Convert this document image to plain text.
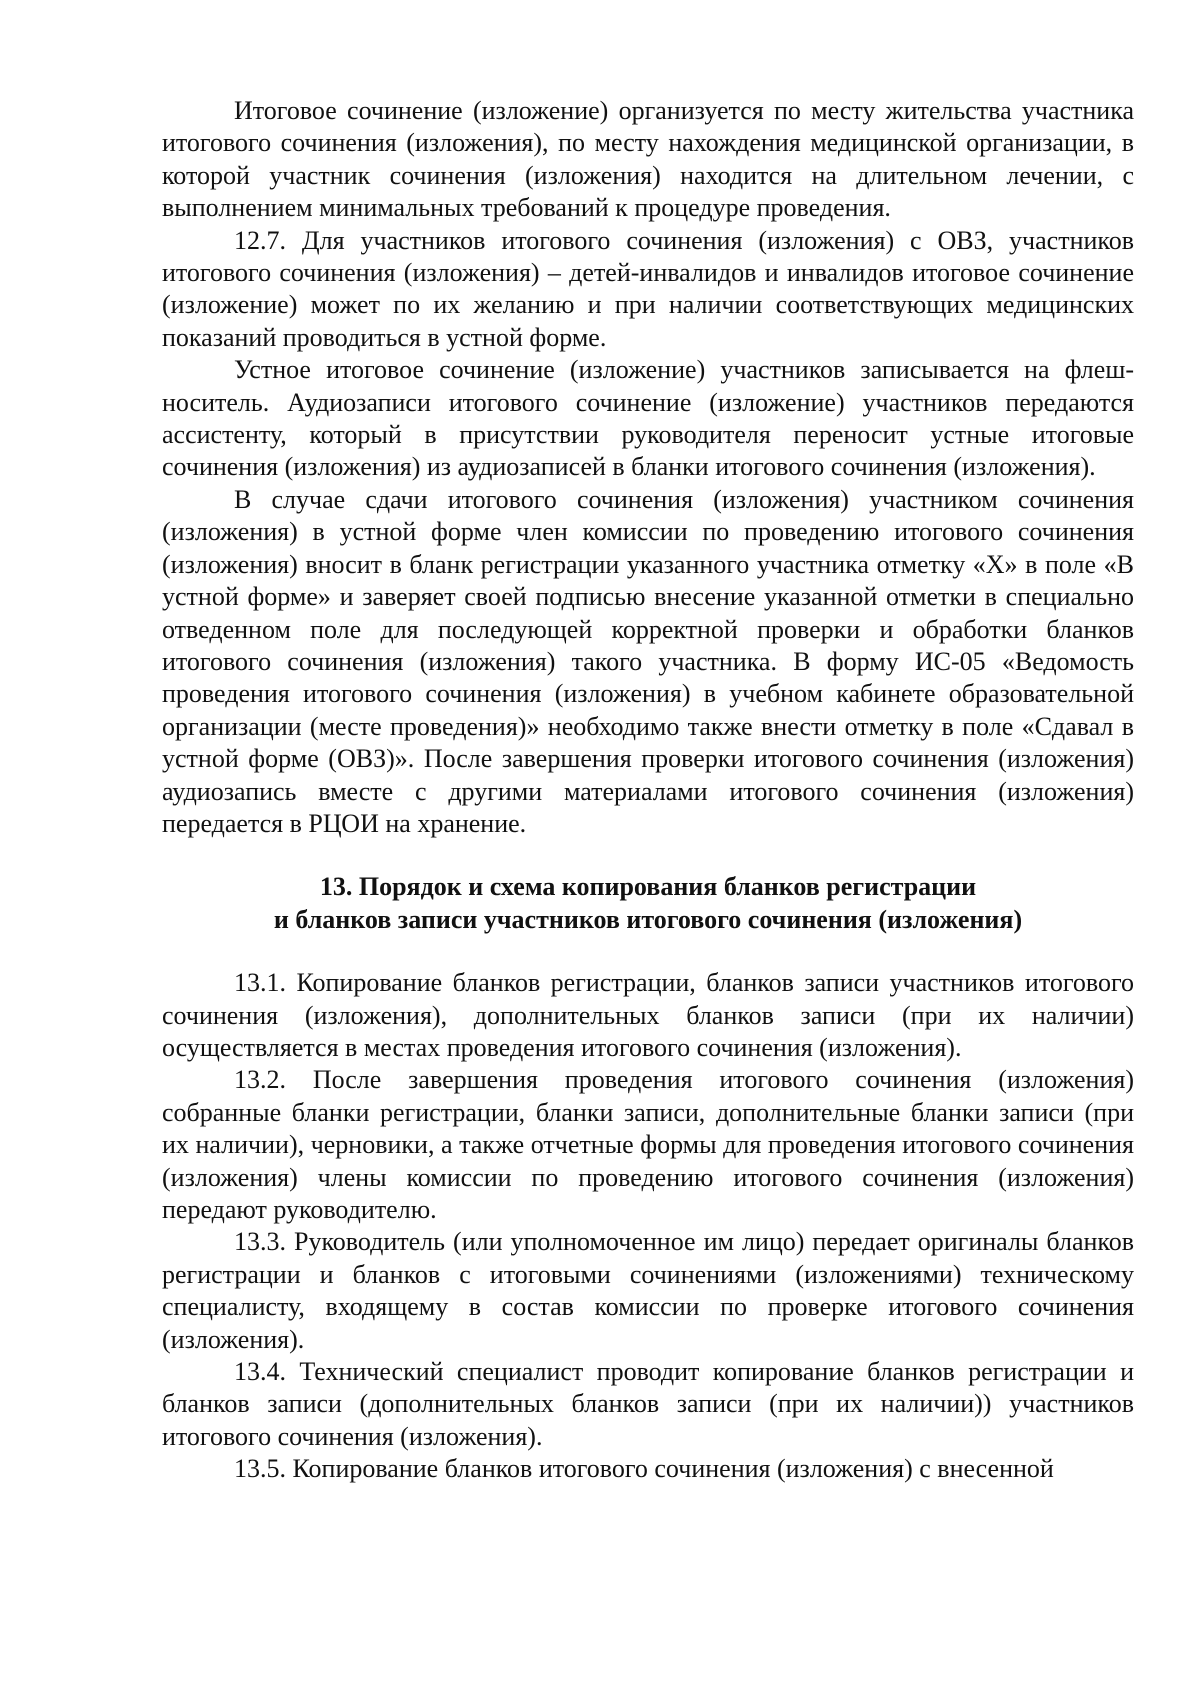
Итоговое сочинение (изложение) организуется по месту жительства участника итогового сочинения (изложения), по месту нахождения медицинской организации, в которой участник сочинения (изложения) находится на длительном лечении, с выполнением минимальных требований к процедуре проведения.

12.7. Для участников итогового сочинения (изложения) с ОВЗ, участников итогового сочинения (изложения) – детей-инвалидов и инвалидов итоговое сочинение (изложение) может по их желанию и при наличии соответствующих медицинских показаний проводиться в устной форме.

Устное итоговое сочинение (изложение) участников записывается на флеш-носитель. Аудиозаписи итогового сочинение (изложение) участников передаются ассистенту, который в присутствии руководителя переносит устные итоговые сочинения (изложения) из аудиозаписей в бланки итогового сочинения (изложения).

В случае сдачи итогового сочинения (изложения) участником сочинения (изложения) в устной форме член комиссии по проведению итогового сочинения (изложения) вносит в бланк регистрации указанного участника отметку «Х» в поле «В устной форме» и заверяет своей подписью внесение указанной отметки в специально отведенном поле для последующей корректной проверки и обработки бланков итогового сочинения (изложения) такого участника. В форму ИС-05 «Ведомость проведения итогового сочинения (изложения) в учебном кабинете образовательной организации (месте проведения)» необходимо также внести отметку в поле «Сдавал в устной форме (ОВЗ)». После завершения проверки итогового сочинения (изложения) аудиозапись вместе с другими материалами итогового сочинения (изложения) передается в РЦОИ на хранение.

13. Порядок и схема копирования бланков регистрации
и бланков записи участников итогового сочинения (изложения)

13.1. Копирование бланков регистрации, бланков записи участников итогового сочинения (изложения), дополнительных бланков записи (при их наличии) осуществляется в местах проведения итогового сочинения (изложения).

13.2. После завершения проведения итогового сочинения (изложения) собранные бланки регистрации, бланки записи, дополнительные бланки записи (при их наличии), черновики, а также отчетные формы для проведения итогового сочинения (изложения) члены комиссии по проведению итогового сочинения (изложения) передают руководителю.

13.3. Руководитель (или уполномоченное им лицо) передает оригиналы бланков регистрации и бланков с итоговыми сочинениями (изложениями) техническому специалисту, входящему в состав комиссии по проверке итогового сочинения (изложения).

13.4. Технический специалист проводит копирование бланков регистрации и бланков записи (дополнительных бланков записи (при их наличии)) участников итогового сочинения (изложения).

13.5. Копирование бланков итогового сочинения (изложения) с внесенной
